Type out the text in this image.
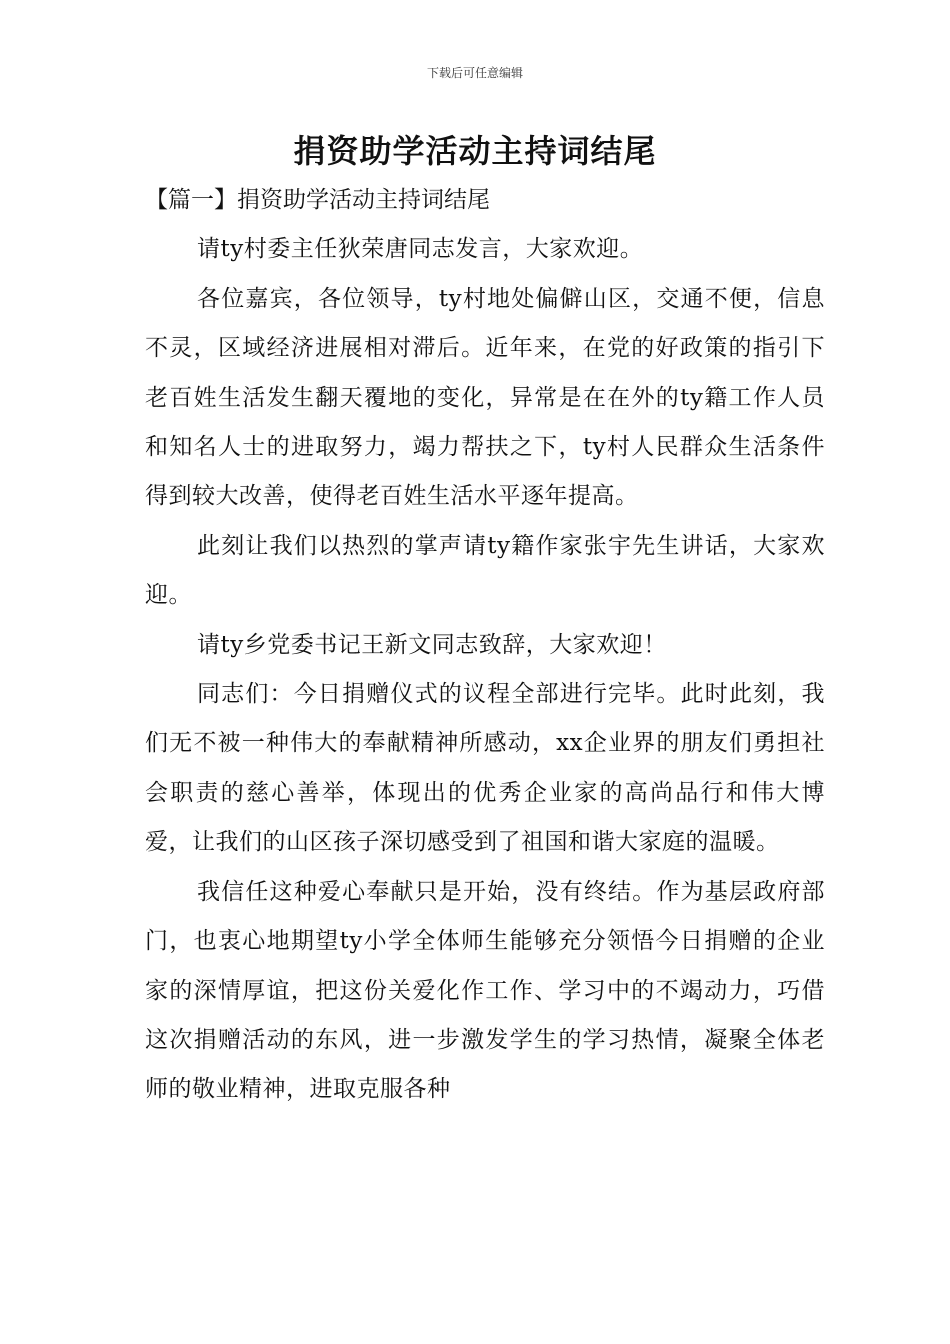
下载后可任意编辑
捐资助学活动主持词结尾
【篇一】捐资助学活动主持词结尾

请ty村委主任狄荣唐同志发言，大家欢迎。

各位嘉宾，各位领导，ty村地处偏僻山区，交通不便，信息不灵，区域经济进展相对滞后。近年来，在党的好政策的指引下老百姓生活发生翻天覆地的变化，异常是在在外的ty籍工作人员和知名人士的进取努力，竭力帮扶之下，ty村人民群众生活条件得到较大改善，使得老百姓生活水平逐年提高。

此刻让我们以热烈的掌声请ty籍作家张宇先生讲话，大家欢迎。

请ty乡党委书记王新文同志致辞，大家欢迎！

同志们：今日捐赠仪式的议程全部进行完毕。此时此刻，我们无不被一种伟大的奉献精神所感动，xx企业界的朋友们勇担社会职责的慈心善举，体现出的优秀企业家的高尚品行和伟大博爱，让我们的山区孩子深切感受到了祖国和谐大家庭的温暖。

我信任这种爱心奉献只是开始，没有终结。作为基层政府部门，也衷心地期望ty小学全体师生能够充分领悟今日捐赠的企业家的深情厚谊，把这份关爱化作工作、学习中的不竭动力，巧借这次捐赠活动的东风，进一步激发学生的学习热情，凝聚全体老师的敬业精神，进取克服各种
